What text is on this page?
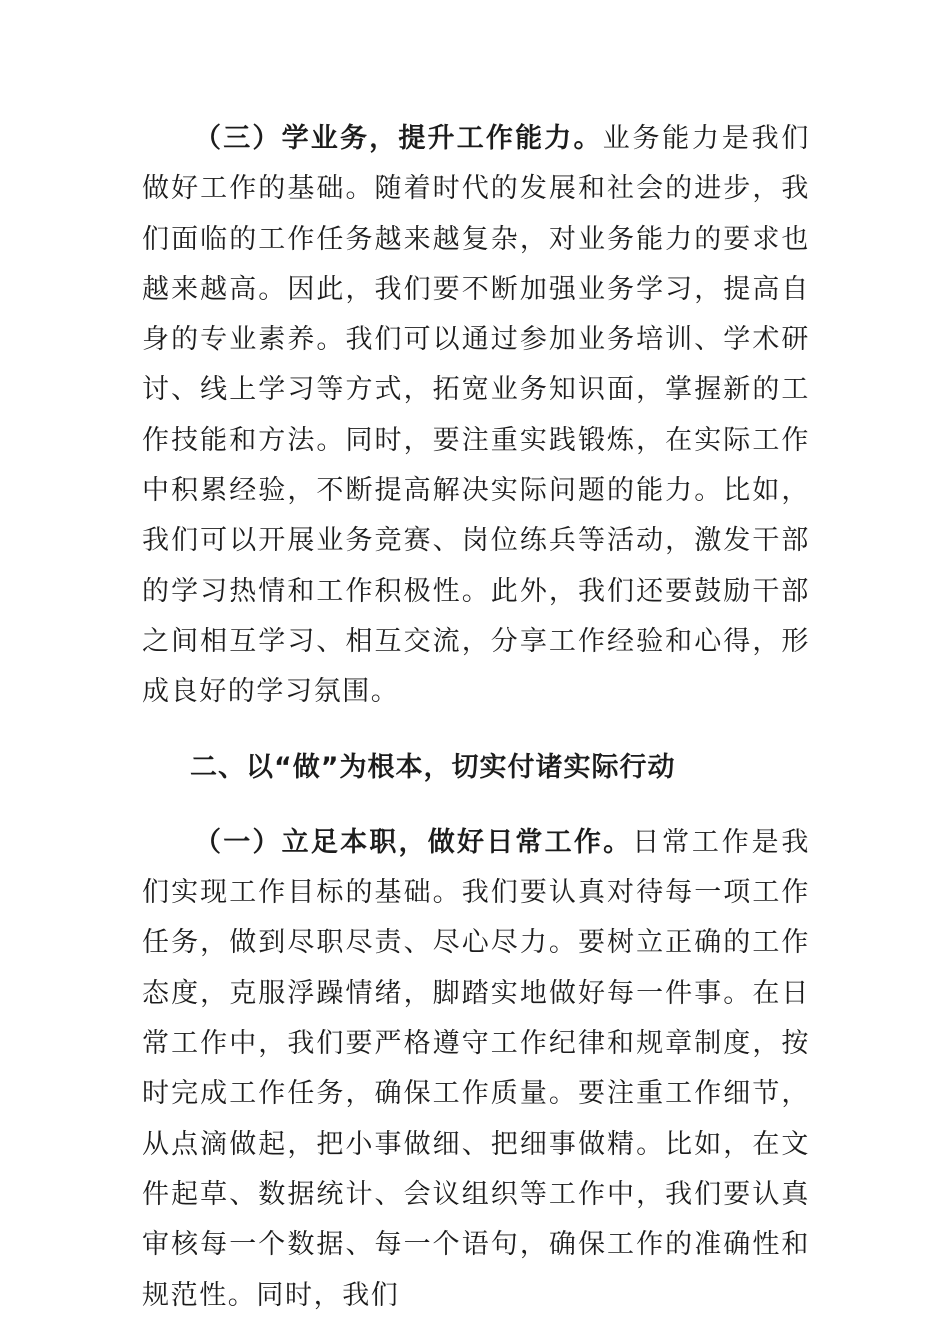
（三）学业务，提升工作能力。业务能力是我们做好工作的基础。随着时代的发展和社会的进步，我们面临的工作任务越来越复杂，对业务能力的要求也越来越高。因此，我们要不断加强业务学习，提高自身的专业素养。我们可以通过参加业务培训、学术研讨、线上学习等方式，拓宽业务知识面，掌握新的工作技能和方法。同时，要注重实践锻炼，在实际工作中积累经验，不断提高解决实际问题的能力。比如，我们可以开展业务竞赛、岗位练兵等活动，激发干部的学习热情和工作积极性。此外，我们还要鼓励干部之间相互学习、相互交流，分享工作经验和心得，形成良好的学习氛围。

二、以“做”为根本，切实付诸实际行动

（一）立足本职，做好日常工作。日常工作是我们实现工作目标的基础。我们要认真对待每一项工作任务，做到尽职尽责、尽心尽力。要树立正确的工作态度，克服浮躁情绪，脚踏实地做好每一件事。在日常工作中，我们要严格遵守工作纪律和规章制度，按时完成工作任务，确保工作质量。要注重工作细节，从点滴做起，把小事做细、把细事做精。比如，在文件起草、数据统计、会议组织等工作中，我们要认真审核每一个数据、每一个语句，确保工作的准确性和规范性。同时，我们
